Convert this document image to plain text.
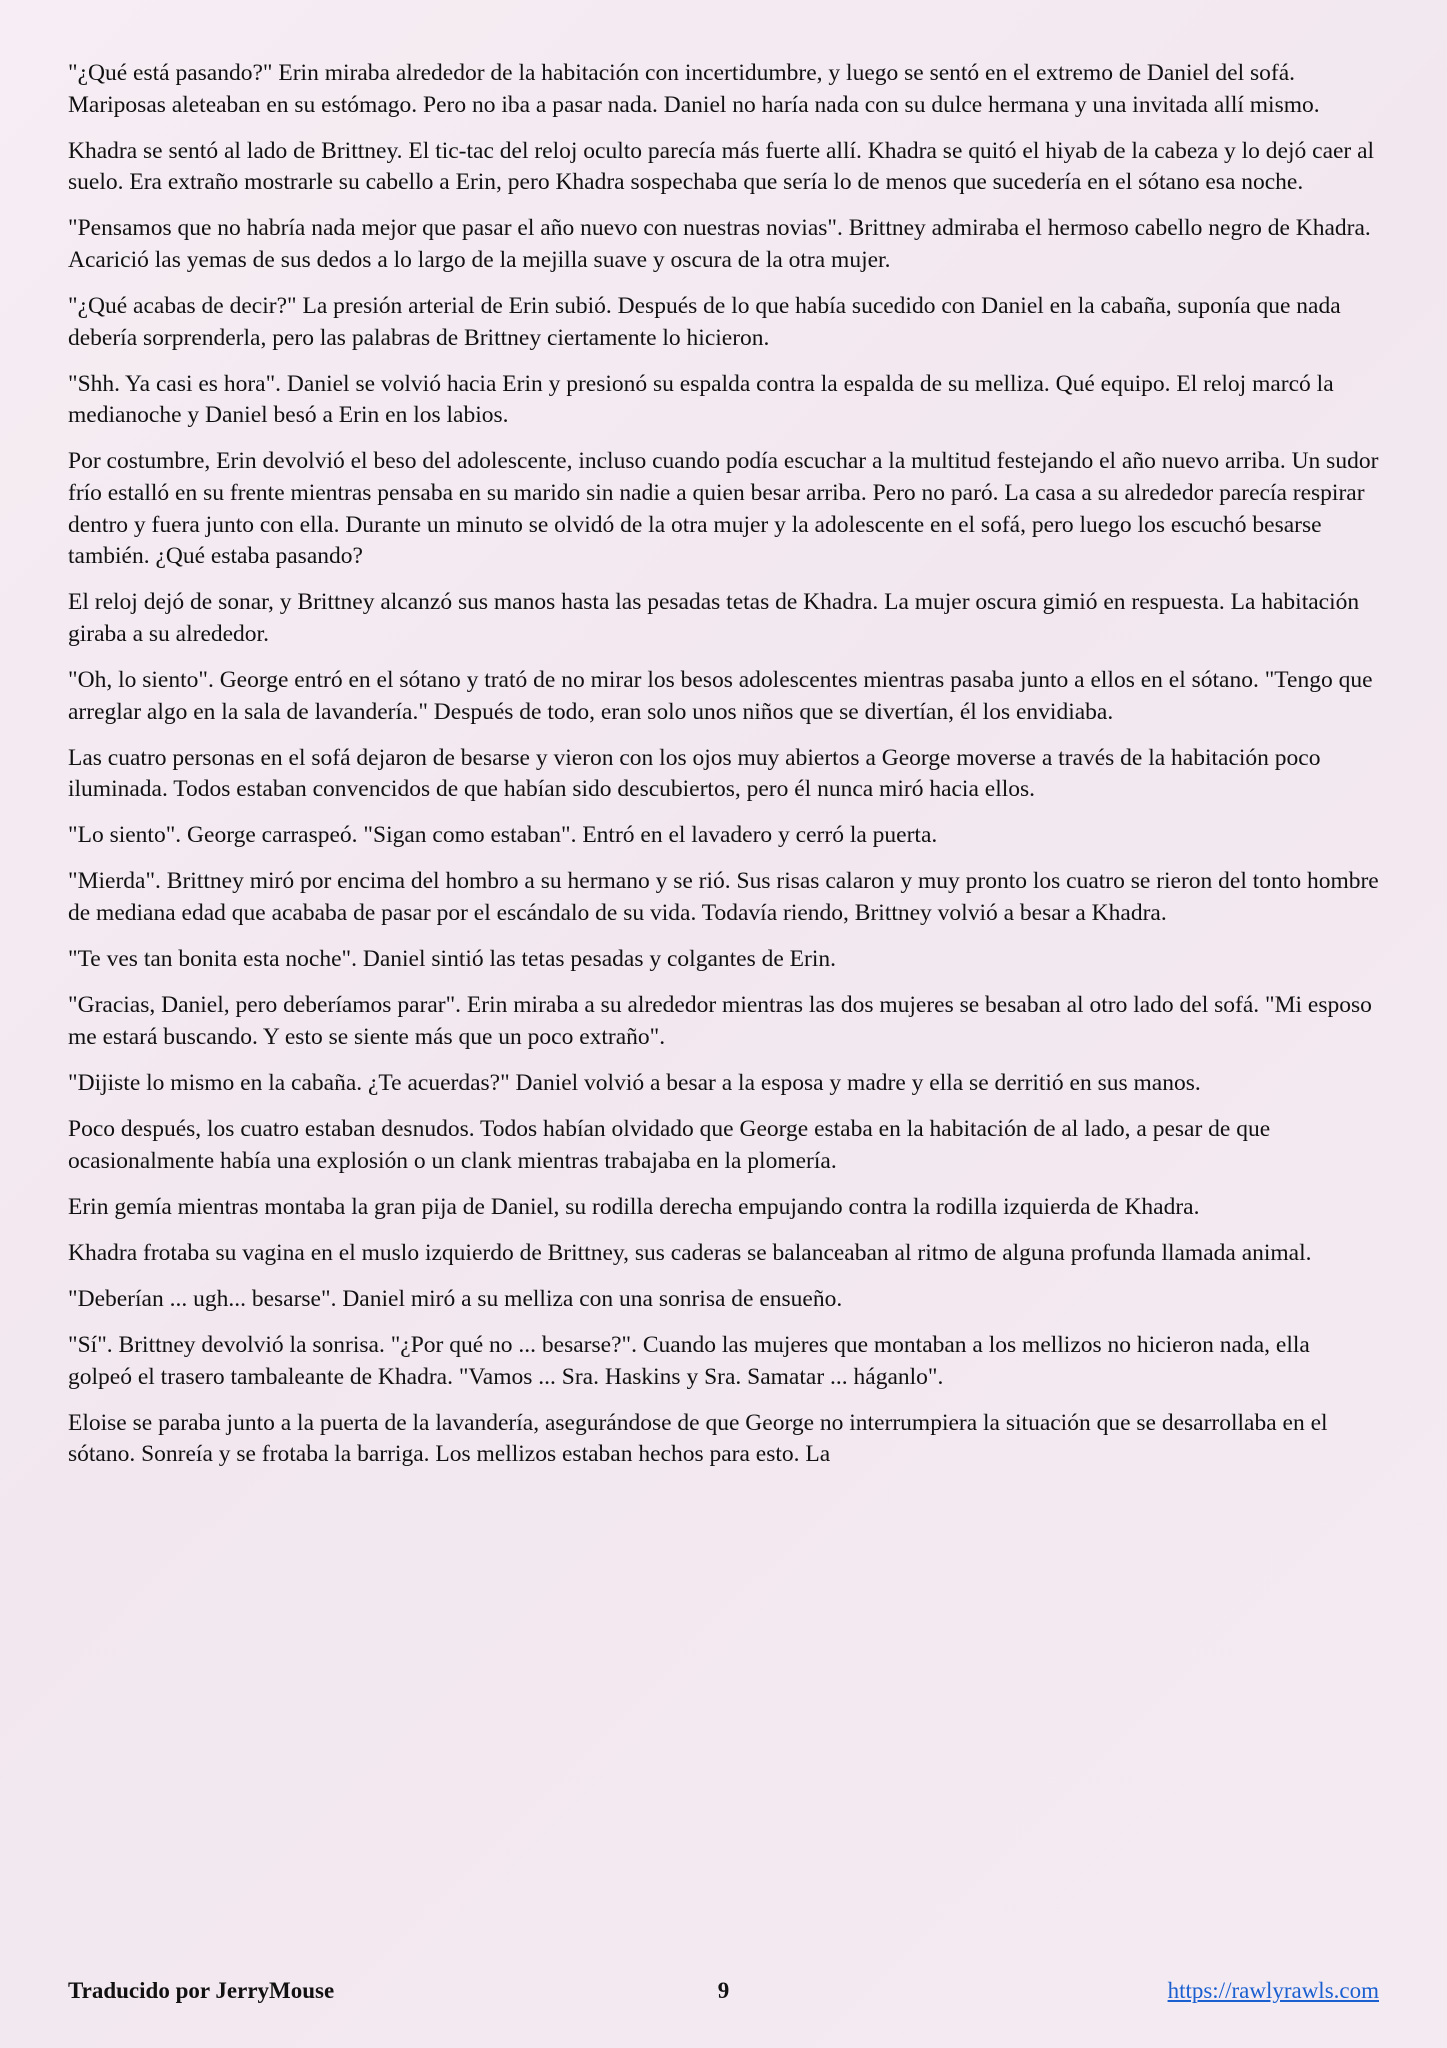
"¿Qué está pasando?" Erin miraba alrededor de la habitación con incertidumbre, y luego se sentó en el extremo de Daniel del sofá. Mariposas aleteaban en su estómago. Pero no iba a pasar nada. Daniel no haría nada con su dulce hermana y una invitada allí mismo.

Khadra se sentó al lado de Brittney. El tic-tac del reloj oculto parecía más fuerte allí. Khadra se quitó el hiyab de la cabeza y lo dejó caer al suelo. Era extraño mostrarle su cabello a Erin, pero Khadra sospechaba que sería lo de menos que sucedería en el sótano esa noche.

"Pensamos que no habría nada mejor que pasar el año nuevo con nuestras novias". Brittney admiraba el hermoso cabello negro de Khadra. Acarició las yemas de sus dedos a lo largo de la mejilla suave y oscura de la otra mujer.

"¿Qué acabas de decir?" La presión arterial de Erin subió. Después de lo que había sucedido con Daniel en la cabaña, suponía que nada debería sorprenderla, pero las palabras de Brittney ciertamente lo hicieron.

"Shh. Ya casi es hora". Daniel se volvió hacia Erin y presionó su espalda contra la espalda de su melliza. Qué equipo. El reloj marcó la medianoche y Daniel besó a Erin en los labios.

Por costumbre, Erin devolvió el beso del adolescente, incluso cuando podía escuchar a la multitud festejando el año nuevo arriba. Un sudor frío estalló en su frente mientras pensaba en su marido sin nadie a quien besar arriba. Pero no paró. La casa a su alrededor parecía respirar dentro y fuera junto con ella. Durante un minuto se olvidó de la otra mujer y la adolescente en el sofá, pero luego los escuchó besarse también. ¿Qué estaba pasando?

El reloj dejó de sonar, y Brittney alcanzó sus manos hasta las pesadas tetas de Khadra. La mujer oscura gimió en respuesta. La habitación giraba a su alrededor.

"Oh, lo siento". George entró en el sótano y trató de no mirar los besos adolescentes mientras pasaba junto a ellos en el sótano. "Tengo que arreglar algo en la sala de lavandería." Después de todo, eran solo unos niños que se divertían, él los envidiaba.

Las cuatro personas en el sofá dejaron de besarse y vieron con los ojos muy abiertos a George moverse a través de la habitación poco iluminada. Todos estaban convencidos de que habían sido descubiertos, pero él nunca miró hacia ellos.

"Lo siento". George carraspeó. "Sigan como estaban". Entró en el lavadero y cerró la puerta.

"Mierda". Brittney miró por encima del hombro a su hermano y se rió. Sus risas calaron y muy pronto los cuatro se rieron del tonto hombre de mediana edad que acababa de pasar por el escándalo de su vida. Todavía riendo, Brittney volvió a besar a Khadra.

"Te ves tan bonita esta noche". Daniel sintió las tetas pesadas y colgantes de Erin.

"Gracias, Daniel, pero deberíamos parar". Erin miraba a su alrededor mientras las dos mujeres se besaban al otro lado del sofá. "Mi esposo me estará buscando. Y esto se siente más que un poco extraño".

"Dijiste lo mismo en la cabaña. ¿Te acuerdas?" Daniel volvió a besar a la esposa y madre y ella se derritió en sus manos.

Poco después, los cuatro estaban desnudos. Todos habían olvidado que George estaba en la habitación de al lado, a pesar de que ocasionalmente había una explosión o un clank mientras trabajaba en la plomería.

Erin gemía mientras montaba la gran pija de Daniel, su rodilla derecha empujando contra la rodilla izquierda de Khadra.

Khadra frotaba su vagina en el muslo izquierdo de Brittney, sus caderas se balanceaban al ritmo de alguna profunda llamada animal.

"Deberían ... ugh... besarse". Daniel miró a su melliza con una sonrisa de ensueño.

"Sí". Brittney devolvió la sonrisa. "¿Por qué no ... besarse?". Cuando las mujeres que montaban a los mellizos no hicieron nada, ella golpeó el trasero tambaleante de Khadra. "Vamos ... Sra. Haskins y Sra. Samatar ... háganlo".

Eloise se paraba junto a la puerta de la lavandería, asegurándose de que George no interrumpiera la situación que se desarrollaba en el sótano. Sonreía y se frotaba la barriga. Los mellizos estaban hechos para esto. La

Traducido por JerryMouse	9	https://rawlyrawls.com
